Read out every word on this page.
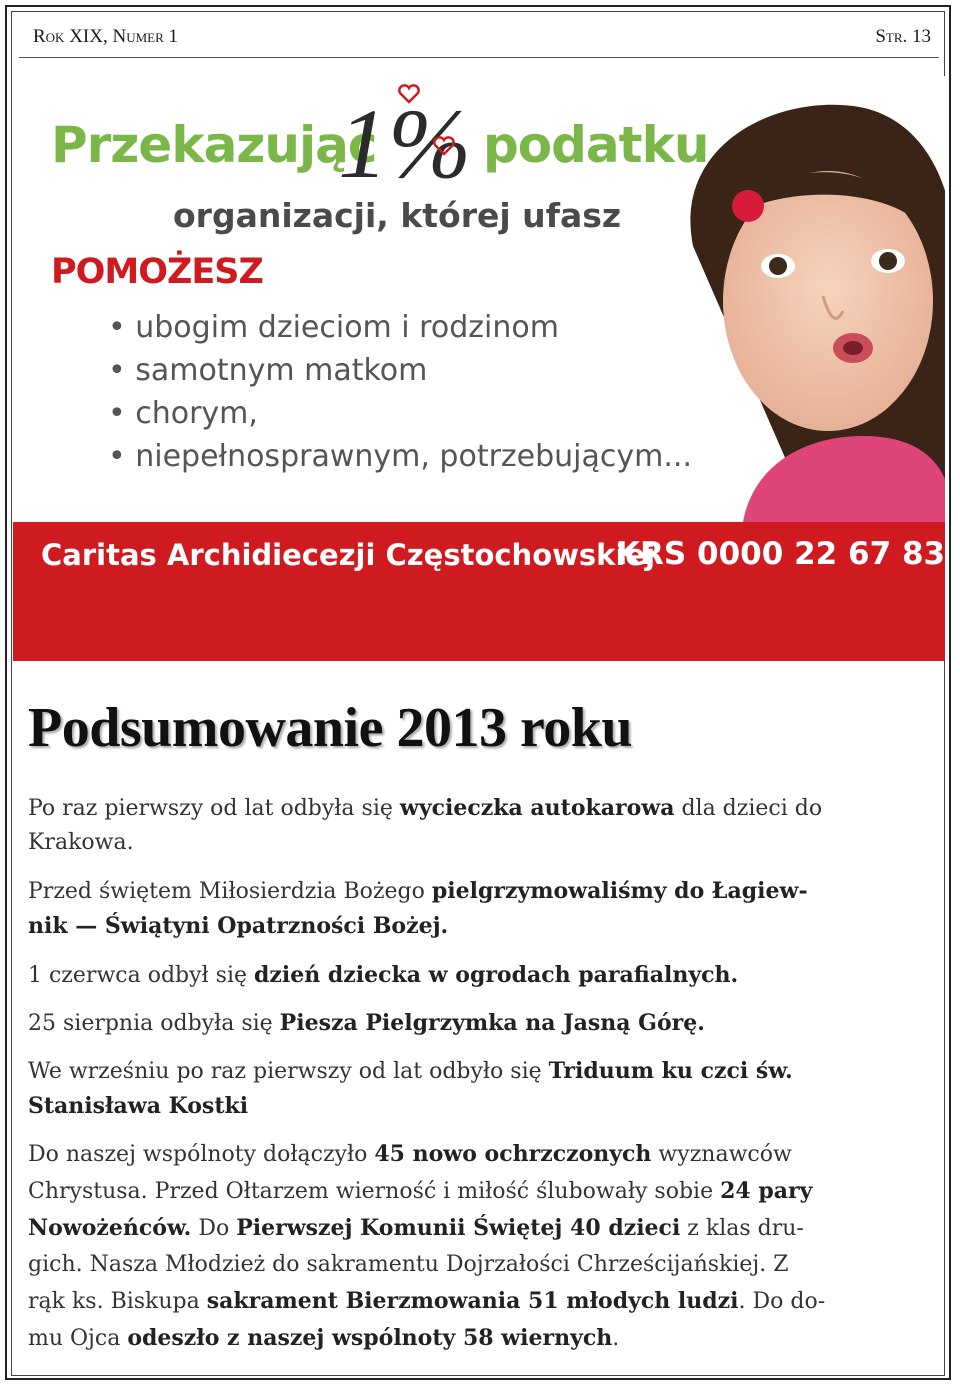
Rok XIX, Numer 1	Str. 13
Przekazując
1% podatku
organizacji, której ufasz
POMOŻESZ
• ubogim dzieciom i rodzinom
• samotnym matkom
• chorym,
• niepełnosprawnym, potrzebującym...
Caritas Archidiecezji Częstochowskiej
KRS 0000 22 67 83
Podsumowanie 2013 roku
Po raz pierwszy od lat odbyła się wycieczka autokarowa dla dzieci do
Krakowa.
Przed świętem Miłosierdzia Bożego pielgrzymowaliśmy do Łagiew-
nik — Świątyni Opatrzności Bożej.
1 czerwca odbył się dzień dziecka w ogrodach parafialnych.
25 sierpnia odbyła się Piesza Pielgrzymka na Jasną Górę.
We wrześniu po raz pierwszy od lat odbyło się Triduum ku czci św.
Stanisława Kostki
Do naszej wspólnoty dołączyło 45 nowo ochrzczonych wyznawców
Chrystusa. Przed Ołtarzem wierność i miłość ślubowały sobie 24 pary
Nowożeńców. Do Pierwszej Komunii Świętej 40 dzieci z klas dru-
gich. Nasza Młodzież do sakramentu Dojrzałości Chrześcijańskiej. Z
rąk ks. Biskupa sakrament Bierzmowania 51 młodych ludzi. Do do-
mu Ojca odeszło z naszej wspólnoty 58 wiernych.
